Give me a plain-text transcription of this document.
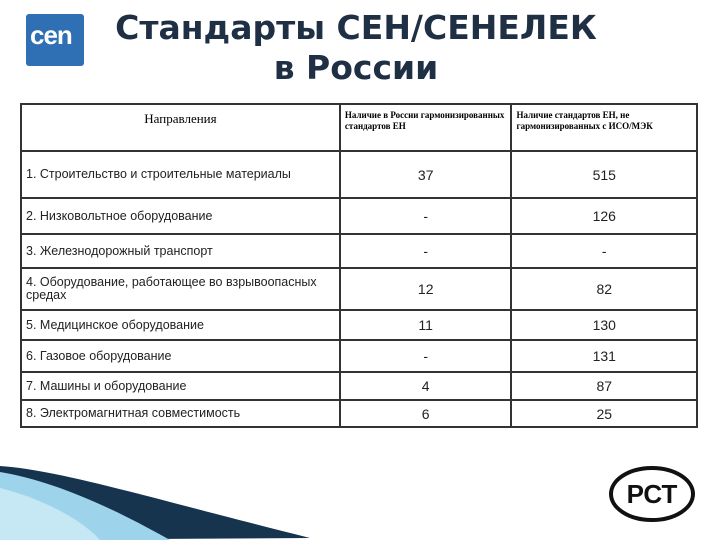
cen	Стандарты СЕН/СЕНЕЛЕК
в России
Направления	Наличие в России гармонизированных стандартов ЕН	Наличие стандартов ЕН, не гармонизированных с ИСО/МЭК
1. Строительство и строительные материалы	37	515
2. Низковольтное оборудование	-	126
3. Железнодорожный транспорт	-	-
4. Оборудование, работающее во взрывоопасных средах	12	82
5. Медицинское оборудование	11	130
6. Газовое оборудование	-	131
7. Машины и оборудование	4	87
8. Электромагнитная совместимость	6	25
РСТ
